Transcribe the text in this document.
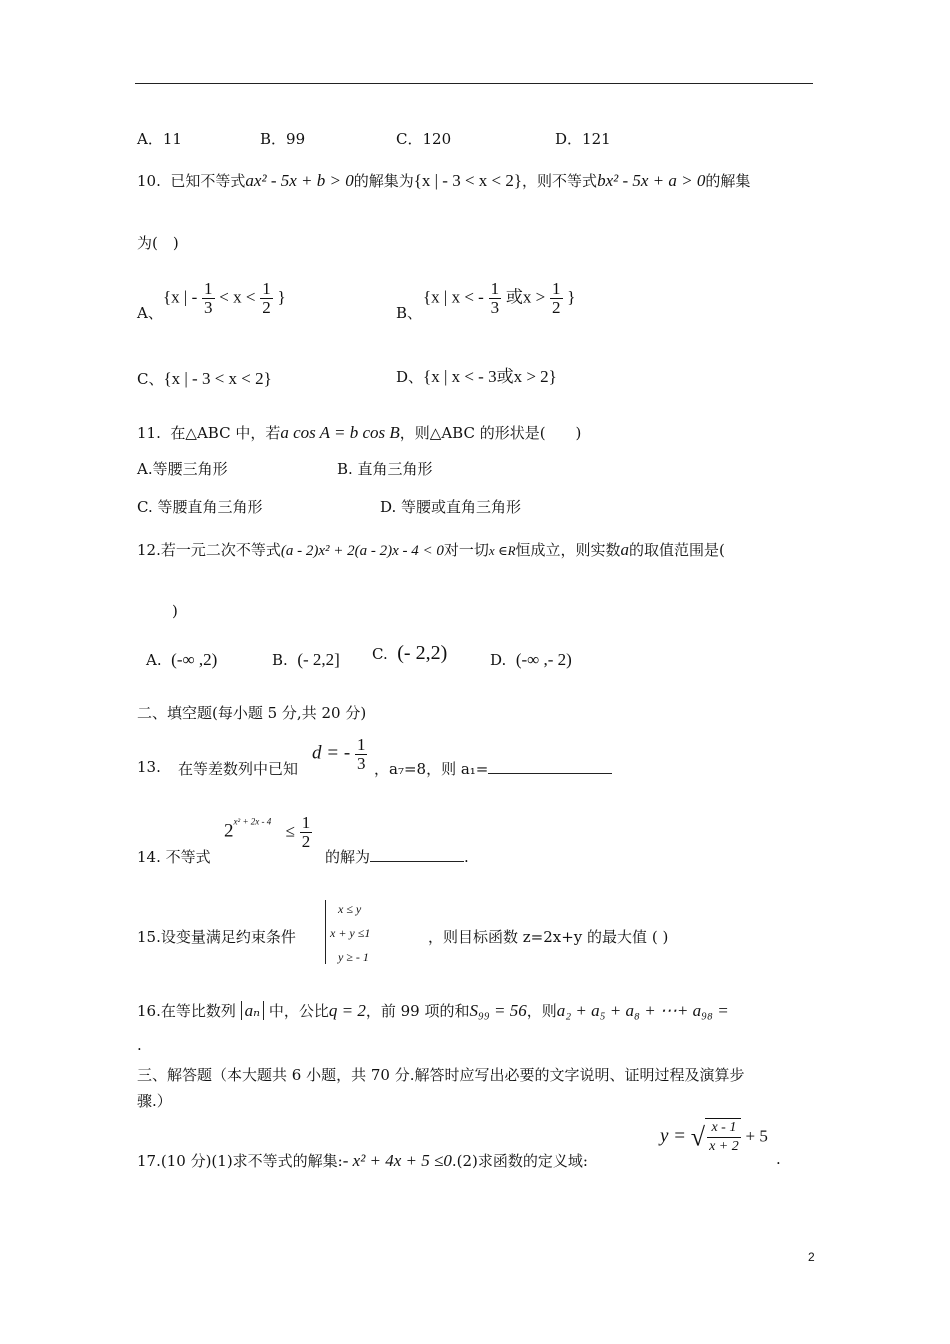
A．11	B．99	C．120	D．121
10. 已知不等式ax² - 5x + b > 0的解集为{x | - 3 < x < 2}，则不等式bx² - 5x + a > 0的解集
为(　)
A、
{x | - $\frac{1}{3} < x < \frac{1}{2}$ }
B、
{x | x < - $\frac{1}{3}$ 或$x > \frac{1}{2}$ }
C、{x | - 3 < x < 2}	D、{x | x < - 3或x > 2}
11. 在△ABC 中，若a cos A = b cos B，则△ABC 的形状是(　　)
A.等腰三角形	B. 直角三角形
C. 等腰直角三角形	D. 等腰或直角三角形
12.若一元二次不等式(a - 2)x² + 2(a - 2)x - 4 < 0对一切x ∈R恒成立，则实数a的取值范围是(
)
A. (-∞ ,2)	B. (- 2,2] C. (- 2,2)	D. (-∞ ,- 2)
二、填空题(每小题 5 分,共 20 分)
13. 在等差数列中已知
d = - $\frac{1}{3}$ ，a₇=8，则 a₁=
14. 不等式
$2^{x^2 + 2x - 4} \le \frac{1}{2}$
的解为	.
15.设变量满足约束条件
x ≤ y
x + y ≤1
y ≥ - 1
，则目标函数 z=2x+y 的最大值 ( )
16.在等比数列 aₙ 中，公比q = 2，前 99 项的和S₉₉ = 56，则a₂ + a₅ + a₈ + ⋯+ a₉₈ =
.
三、解答题（本大题共 6 小题，共 70 分.解答时应写出必要的文字说明、证明过程及演算步
骤.）
17.(10 分)(1)求不等式的解集:- x² + 4x + 5 ≤0.(2)求函数的定义域:
y = √ $\frac{x - 1}{x + 2} + 5$
.
2
